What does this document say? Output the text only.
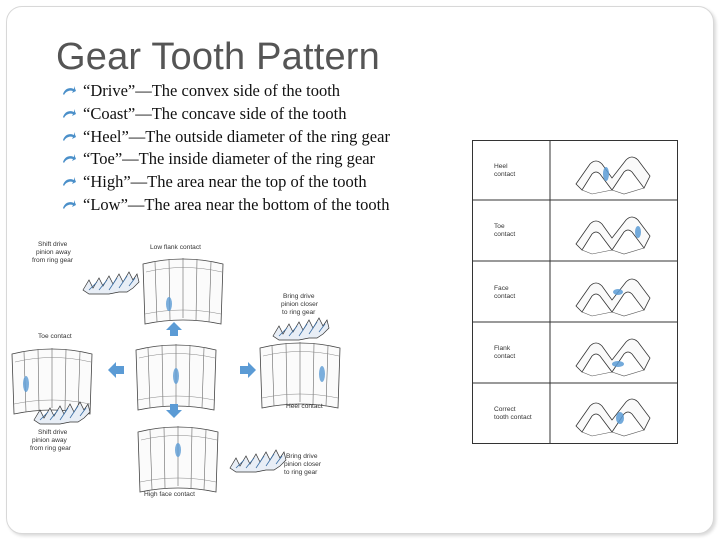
Gear Tooth Pattern
“Drive”—The convex side of the tooth
“Coast”—The concave side of the tooth
“Heel”—The outside diameter of the ring gear
“Toe”—The inside diameter of the ring gear
“High”—The area near the top of the tooth
“Low”—The area near the bottom of the tooth
Low flank contact
Shift drive
pinion away
from ring gear
Bring drive
pinion closer
to ring gear
Toe contact
Heel contact
Shift drive
pinion away
from ring gear
High face contact
Bring drive
pinion closer
to ring gear
Heel
contact
Toe
contact
Face
contact
Flank
contact
Correct
tooth contact
